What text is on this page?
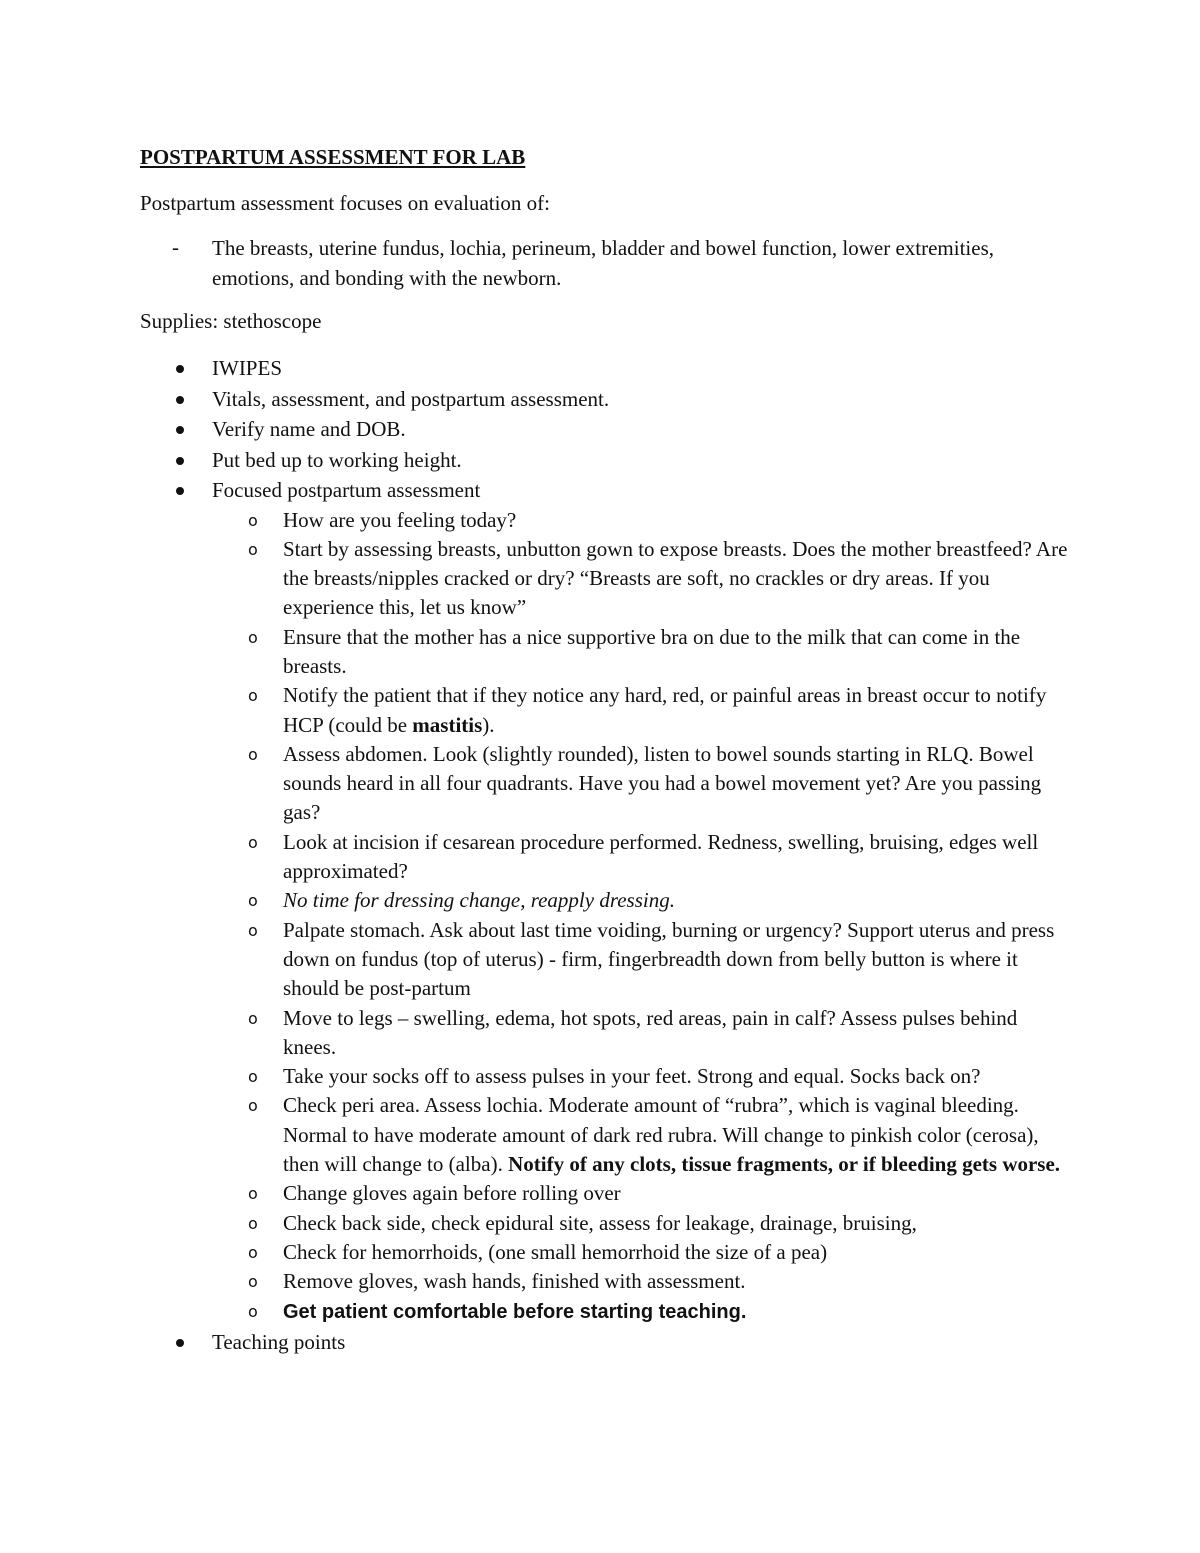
POSTPARTUM ASSESSMENT FOR LAB
Postpartum assessment focuses on evaluation of:
- The breasts, uterine fundus, lochia, perineum, bladder and bowel function, lower extremities, emotions, and bonding with the newborn.
Supplies: stethoscope
IWIPES
Vitals, assessment, and postpartum assessment.
Verify name and DOB.
Put bed up to working height.
Focused postpartum assessment
o How are you feeling today?
o Start by assessing breasts, unbutton gown to expose breasts. Does the mother breastfeed? Are the breasts/nipples cracked or dry? “Breasts are soft, no crackles or dry areas. If you experience this, let us know”
o Ensure that the mother has a nice supportive bra on due to the milk that can come in the breasts.
o Notify the patient that if they notice any hard, red, or painful areas in breast occur to notify HCP (could be mastitis).
o Assess abdomen. Look (slightly rounded), listen to bowel sounds starting in RLQ. Bowel sounds heard in all four quadrants. Have you had a bowel movement yet? Are you passing gas?
o Look at incision if cesarean procedure performed. Redness, swelling, bruising, edges well approximated?
o No time for dressing change, reapply dressing.
o Palpate stomach. Ask about last time voiding, burning or urgency? Support uterus and press down on fundus (top of uterus) - firm, fingerbreadth down from belly button is where it should be post-partum
o Move to legs – swelling, edema, hot spots, red areas, pain in calf? Assess pulses behind knees.
o Take your socks off to assess pulses in your feet. Strong and equal. Socks back on?
o Check peri area. Assess lochia. Moderate amount of “rubra”, which is vaginal bleeding. Normal to have moderate amount of dark red rubra. Will change to pinkish color (cerosa), then will change to (alba). Notify of any clots, tissue fragments, or if bleeding gets worse.
o Change gloves again before rolling over
o Check back side, check epidural site, assess for leakage, drainage, bruising,
o Check for hemorrhoids, (one small hemorrhoid the size of a pea)
o Remove gloves, wash hands, finished with assessment.
o Get patient comfortable before starting teaching.
Teaching points
